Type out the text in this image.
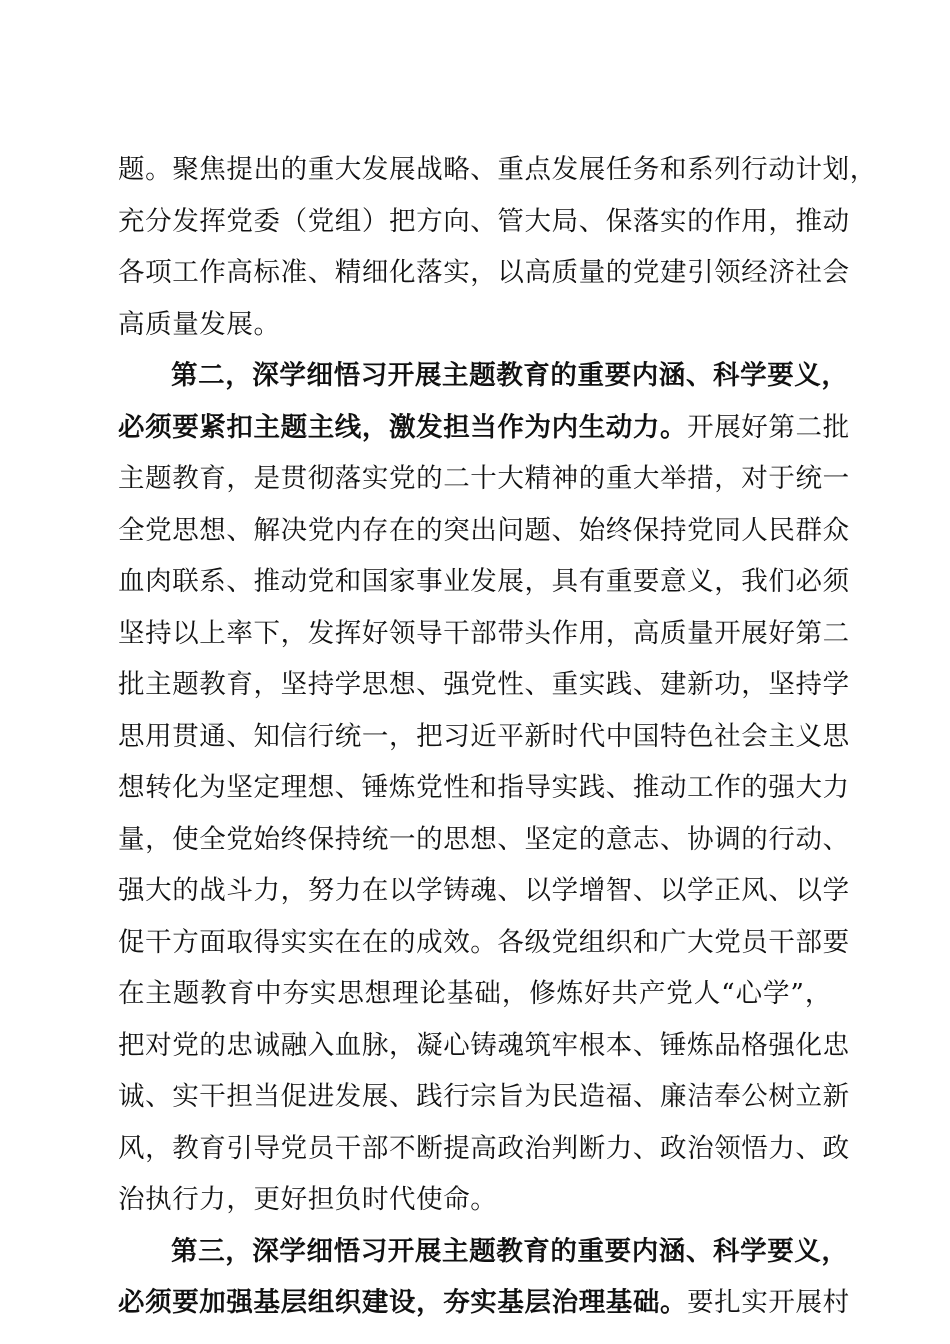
题。聚焦提出的重大发展战略、重点发展任务和系列行动计划，
充分发挥党委（党组）把方向、管大局、保落实的作用，推动
各项工作高标准、精细化落实，以高质量的党建引领经济社会
高质量发展。
第二，深学细悟习开展主题教育的重要内涵、科学要义，
必须要紧扣主题主线，激发担当作为内生动力。开展好第二批
主题教育，是贯彻落实党的二十大精神的重大举措，对于统一
全党思想、解决党内存在的突出问题、始终保持党同人民群众
血肉联系、推动党和国家事业发展，具有重要意义，我们必须
坚持以上率下，发挥好领导干部带头作用，高质量开展好第二
批主题教育，坚持学思想、强党性、重实践、建新功，坚持学
思用贯通、知信行统一，把习近平新时代中国特色社会主义思
想转化为坚定理想、锤炼党性和指导实践、推动工作的强大力
量，使全党始终保持统一的思想、坚定的意志、协调的行动、
强大的战斗力，努力在以学铸魂、以学增智、以学正风、以学
促干方面取得实实在在的成效。各级党组织和广大党员干部要
在主题教育中夯实思想理论基础，修炼好共产党人“心学”，
把对党的忠诚融入血脉，凝心铸魂筑牢根本、锤炼品格强化忠
诚、实干担当促进发展、践行宗旨为民造福、廉洁奉公树立新
风，教育引导党员干部不断提高政治判断力、政治领悟力、政
治执行力，更好担负时代使命。
第三，深学细悟习开展主题教育的重要内涵、科学要义，
必须要加强基层组织建设，夯实基层治理基础。要扎实开展村
